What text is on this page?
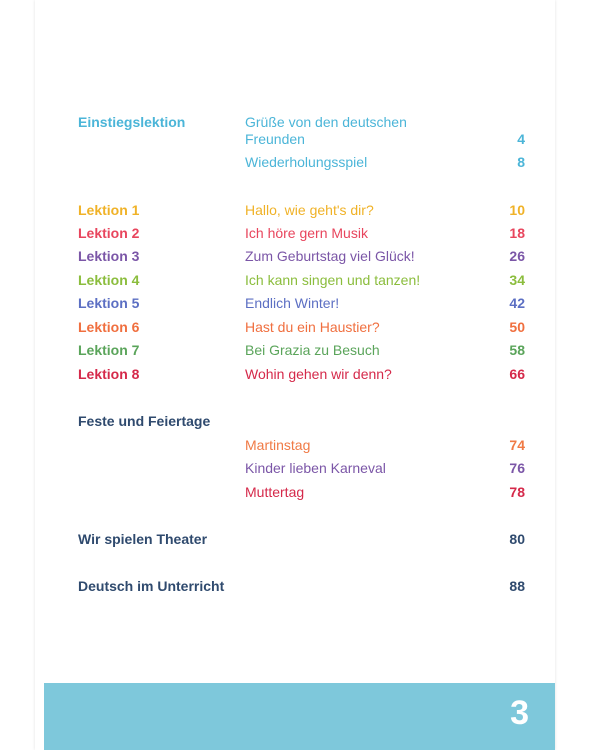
Einstiegslektion	Grüße von den deutschen
Freunden	4
Wiederholungsspiel	8
Lektion 1	Hallo, wie geht's dir?	10
Lektion 2	Ich höre gern Musik	18
Lektion 3	Zum Geburtstag viel Glück!	26
Lektion 4	Ich kann singen und tanzen!	34
Lektion 5	Endlich Winter!	42
Lektion 6	Hast du ein Haustier?	50
Lektion 7	Bei Grazia zu Besuch	58
Lektion 8	Wohin gehen wir denn?	66
Feste und Feiertage
Martinstag	74
Kinder lieben Karneval	76
Muttertag	78
Wir spielen Theater	80
Deutsch im Unterricht	88
3
